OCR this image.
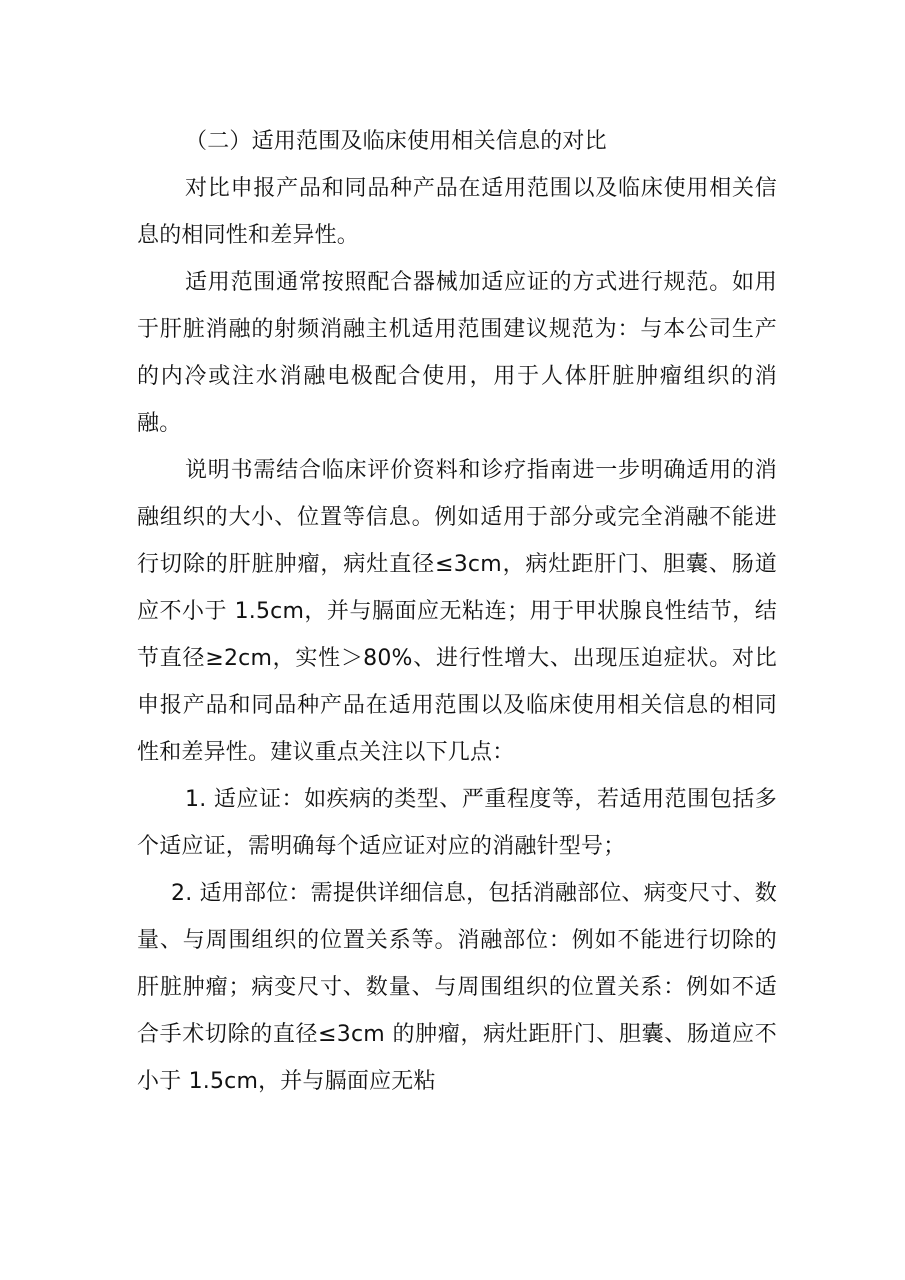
（二）适用范围及临床使用相关信息的对比

对比申报产品和同品种产品在适用范围以及临床使用相关信息的相同性和差异性。

适用范围通常按照配合器械加适应证的方式进行规范。如用于肝脏消融的射频消融主机适用范围建议规范为：与本公司生产的内冷或注水消融电极配合使用，用于人体肝脏肿瘤组织的消融。

说明书需结合临床评价资料和诊疗指南进一步明确适用的消融组织的大小、位置等信息。例如适用于部分或完全消融不能进行切除的肝脏肿瘤，病灶直径≤3cm，病灶距肝门、胆囊、肠道应不小于 1.5cm，并与膈面应无粘连；用于甲状腺良性结节，结节直径≥2cm，实性＞80%、进行性增大、出现压迫症状。对比申报产品和同品种产品在适用范围以及临床使用相关信息的相同性和差异性。建议重点关注以下几点：

1. 适应证：如疾病的类型、严重程度等，若适用范围包括多个适应证，需明确每个适应证对应的消融针型号；

2. 适用部位：需提供详细信息，包括消融部位、病变尺寸、数量、与周围组织的位置关系等。消融部位：例如不能进行切除的肝脏肿瘤；病变尺寸、数量、与周围组织的位置关系：例如不适合手术切除的直径≤3cm 的肿瘤，病灶距肝门、胆囊、肠道应不小于 1.5cm，并与膈面应无粘
